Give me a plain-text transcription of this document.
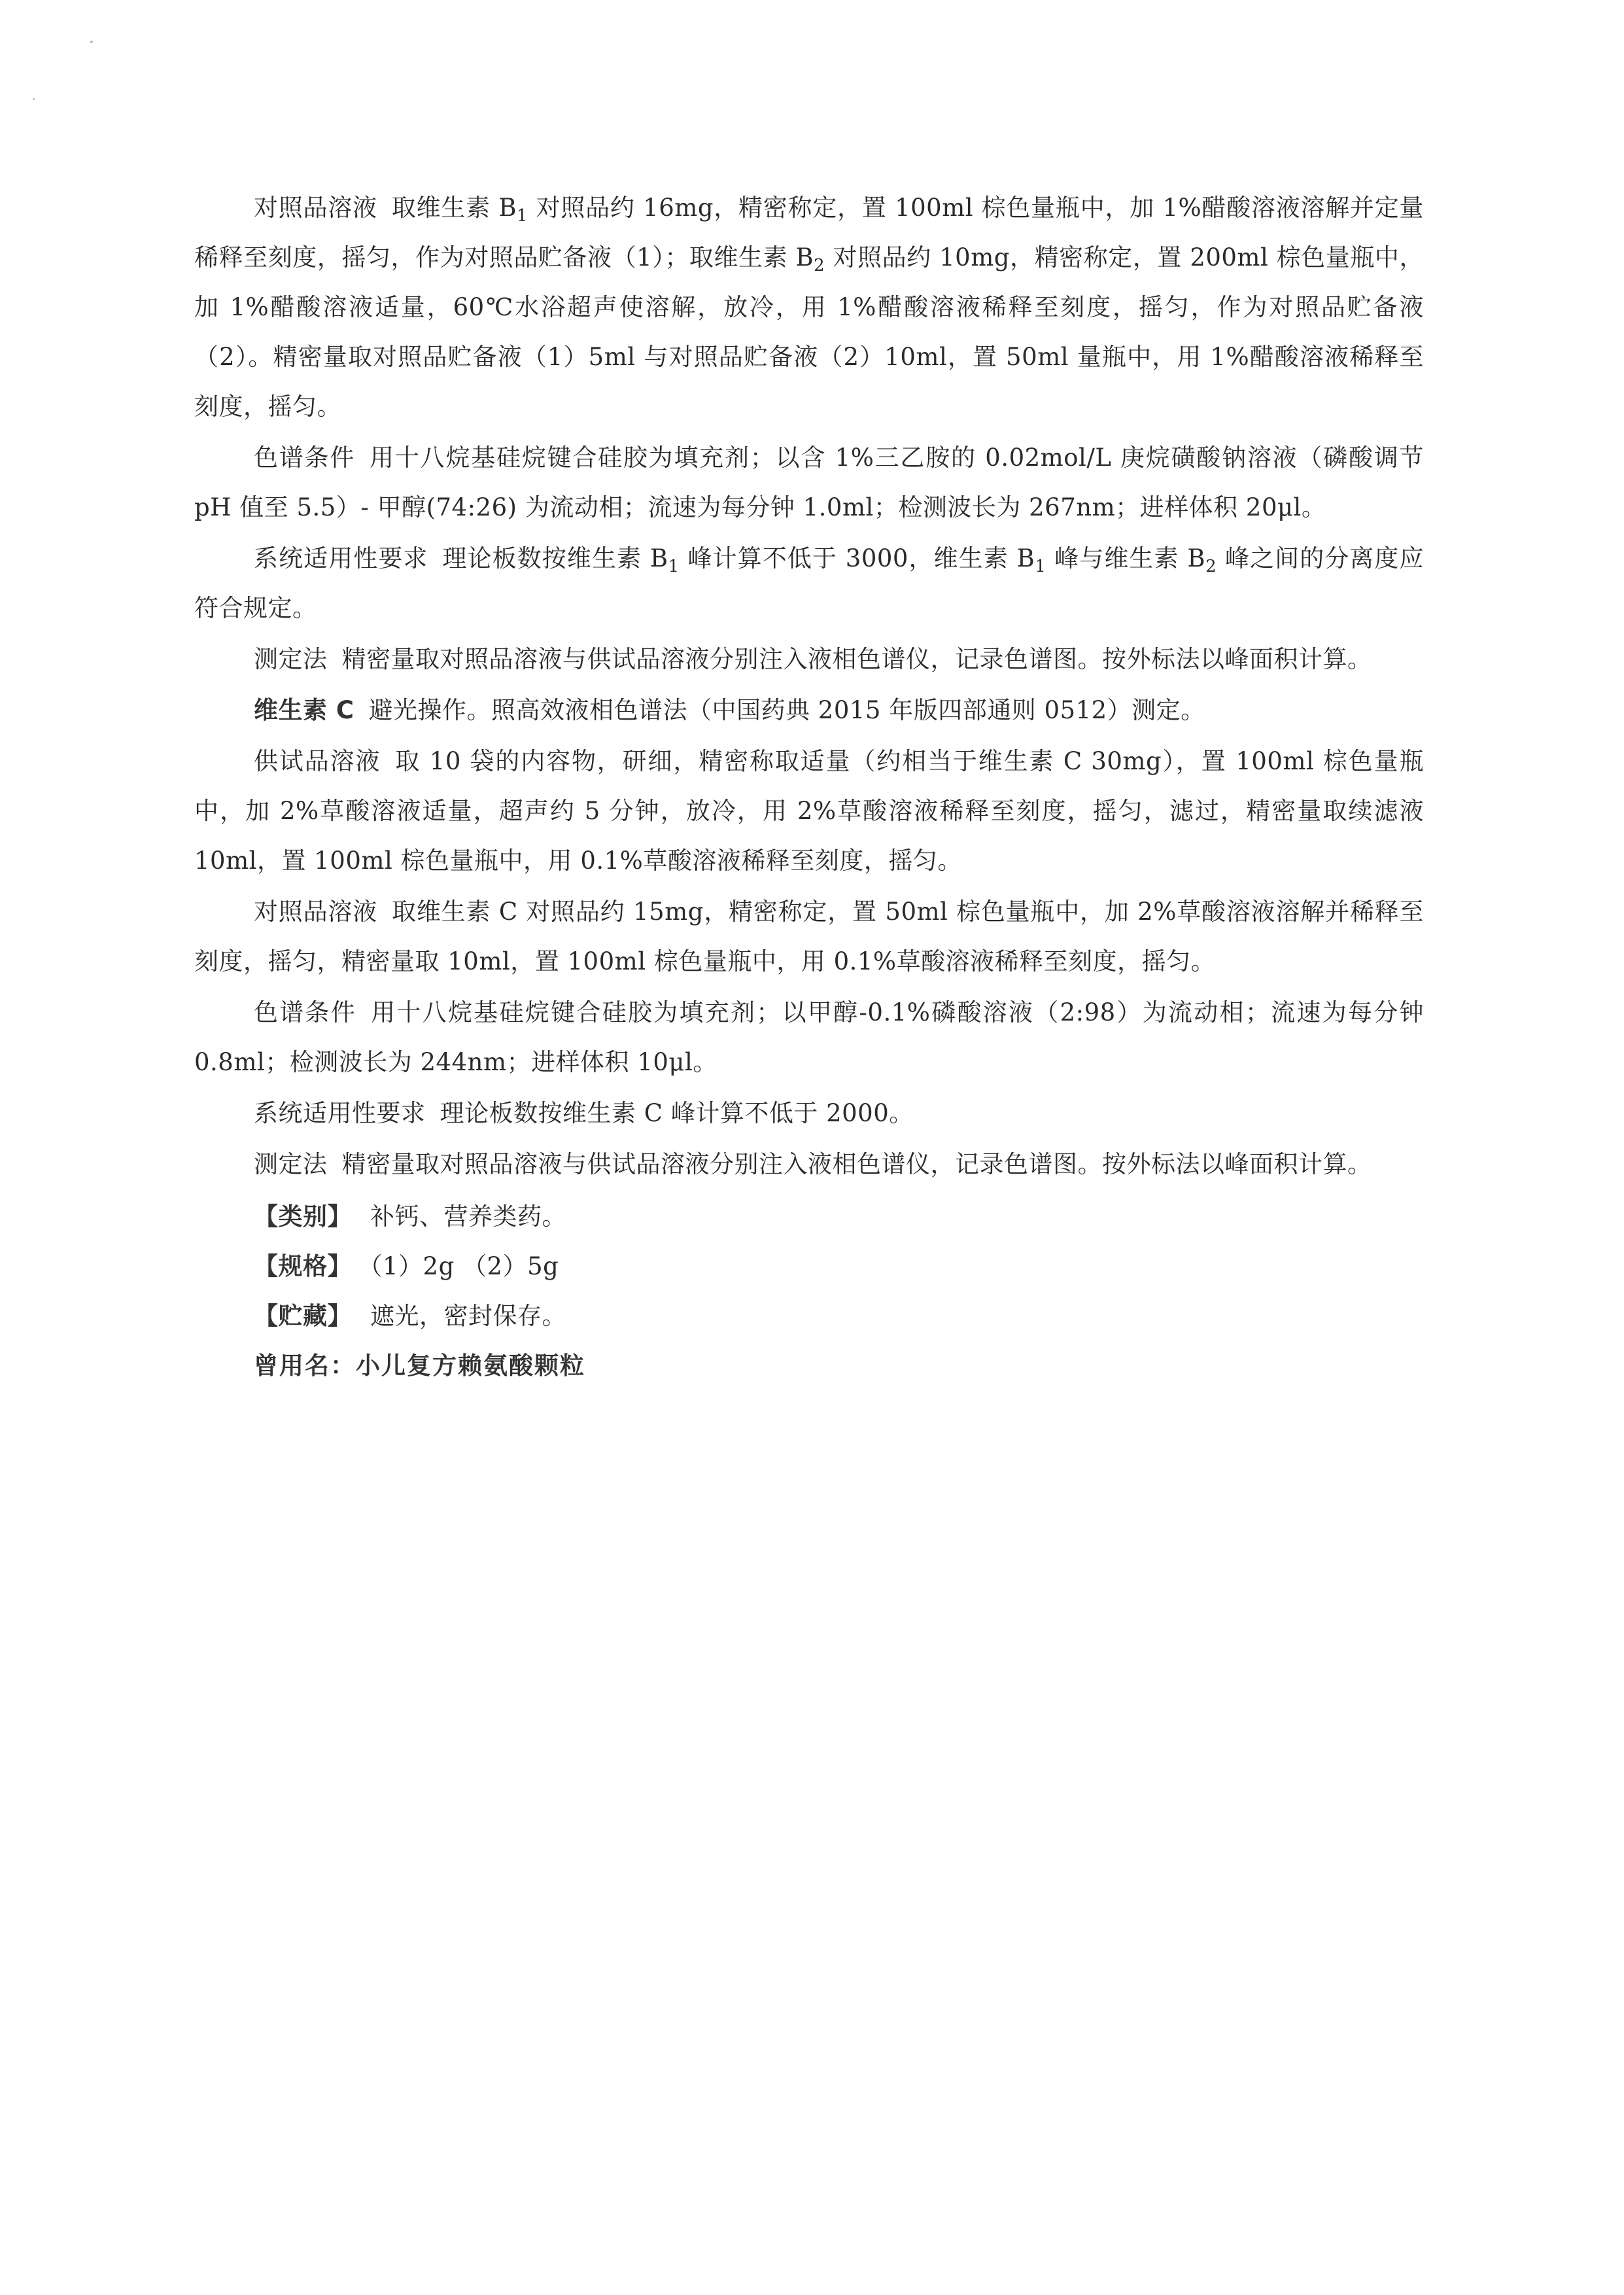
对照品溶液 取维生素 $B_1$ 对照品约 16mg，精密称定，置 100ml 棕色量瓶中，加 1%醋酸溶液溶解并定量稀释至刻度，摇匀，作为对照品贮备液（1）；取维生素 $B_2$ 对照品约 10mg，精密称定，置 200ml 棕色量瓶中，加 1%醋酸溶液适量，60℃水浴超声使溶解，放冷，用 1%醋酸溶液稀释至刻度，摇匀，作为对照品贮备液（2）。精密量取对照品贮备液（1）5ml 与对照品贮备液（2）10ml，置 50ml 量瓶中，用 1%醋酸溶液稀释至刻度，摇匀。

色谱条件 用十八烷基硅烷键合硅胶为填充剂；以含 1%三乙胺的 0.02mol/L 庚烷磺酸钠溶液（磷酸调节 pH 值至 5.5）- 甲醇(74:26) 为流动相；流速为每分钟 1.0ml；检测波长为 267nm；进样体积 20μl。

系统适用性要求 理论板数按维生素 $B_1$ 峰计算不低于 3000，维生素 $B_1$ 峰与维生素 $B_2$ 峰之间的分离度应符合规定。

测定法 精密量取对照品溶液与供试品溶液分别注入液相色谱仪，记录色谱图。按外标法以峰面积计算。

维生素 C 避光操作。照高效液相色谱法（中国药典 2015 年版四部通则 0512）测定。

供试品溶液 取 10 袋的内容物，研细，精密称取适量（约相当于维生素 C 30mg），置 100ml 棕色量瓶中，加 2%草酸溶液适量，超声约 5 分钟，放冷，用 2%草酸溶液稀释至刻度，摇匀，滤过，精密量取续滤液 10ml，置 100ml 棕色量瓶中，用 0.1%草酸溶液稀释至刻度，摇匀。

对照品溶液 取维生素 C 对照品约 15mg，精密称定，置 50ml 棕色量瓶中，加 2%草酸溶液溶解并稀释至刻度，摇匀，精密量取 10ml，置 100ml 棕色量瓶中，用 0.1%草酸溶液稀释至刻度，摇匀。

色谱条件 用十八烷基硅烷键合硅胶为填充剂；以甲醇-0.1%磷酸溶液（2:98）为流动相；流速为每分钟 0.8ml；检测波长为 244nm；进样体积 10μl。

系统适用性要求 理论板数按维生素 C 峰计算不低于 2000。

测定法 精密量取对照品溶液与供试品溶液分别注入液相色谱仪，记录色谱图。按外标法以峰面积计算。

【类别】 补钙、营养类药。

【规格】 （1）2g （2）5g

【贮藏】 遮光，密封保存。

曾用名：小儿复方赖氨酸颗粒
